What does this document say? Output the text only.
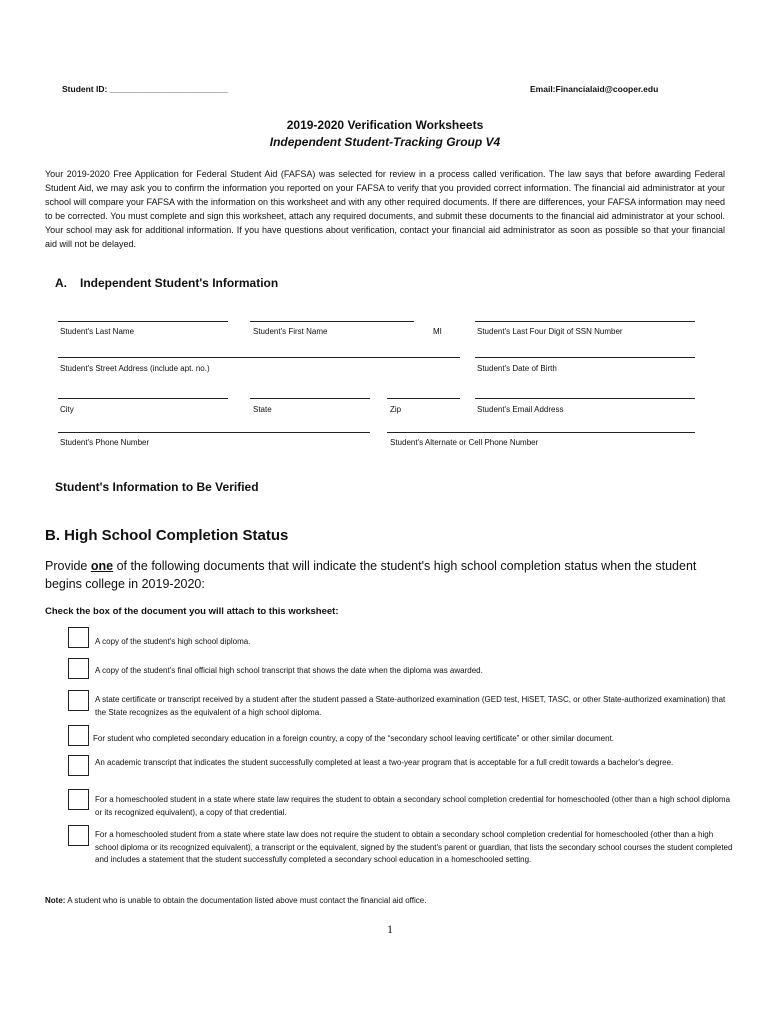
Student ID: _________________________	Email:Financialaid@cooper.edu
2019-2020 Verification Worksheets
Independent Student-Tracking Group V4

Your 2019-2020 Free Application for Federal Student Aid (FAFSA) was selected for review in a process called verification. The law says that before awarding Federal Student Aid, we may ask you to confirm the information you reported on your FAFSA to verify that you provided correct information. The financial aid administrator at your school will compare your FAFSA with the information on this worksheet and with any other required documents. If there are differences, your FAFSA information may need to be corrected. You must complete and sign this worksheet, attach any required documents, and submit these documents to the financial aid administrator at your school. Your school may ask for additional information. If you have questions about verification, contact your financial aid administrator as soon as possible so that your financial aid will not be delayed.

A. Independent Student's Information
Student's Last Name	Student's First Name	MI	Student's Last Four Digit of SSN Number
Student's Street Address (include apt. no.)	Student's Date of Birth
City	State	Zip	Student's Email Address
Student's Phone Number	Student's Alternate or Cell Phone Number
Student's Information to Be Verified
B. High School Completion Status
Provide one of the following documents that will indicate the student's high school completion status when the student begins college in 2019-2020:
Check the box of the document you will attach to this worksheet:
A copy of the student's high school diploma.
A copy of the student's final official high school transcript that shows the date when the diploma was awarded.
A state certificate or transcript received by a student after the student passed a State-authorized examination (GED test, HiSET, TASC, or other State-authorized examination) that the State recognizes as the equivalent of a high school diploma.
For student who completed secondary education in a foreign country, a copy of the “secondary school leaving certificate” or other similar document.
An academic transcript that indicates the student successfully completed at least a two-year program that is acceptable for a full credit towards a bachelor's degree.
For a homeschooled student in a state where state law requires the student to obtain a secondary school completion credential for homeschooled (other than a high school diploma or its recognized equivalent), a copy of that credential.
For a homeschooled student from a state where state law does not require the student to obtain a secondary school completion credential for homeschooled (other than a high school diploma or its recognized equivalent), a transcript or the equivalent, signed by the student's parent or guardian, that lists the secondary school courses the student completed and includes a statement that the student successfully completed a secondary school education in a homeschooled setting.
Note: A student who is unable to obtain the documentation listed above must contact the financial aid office.
1
